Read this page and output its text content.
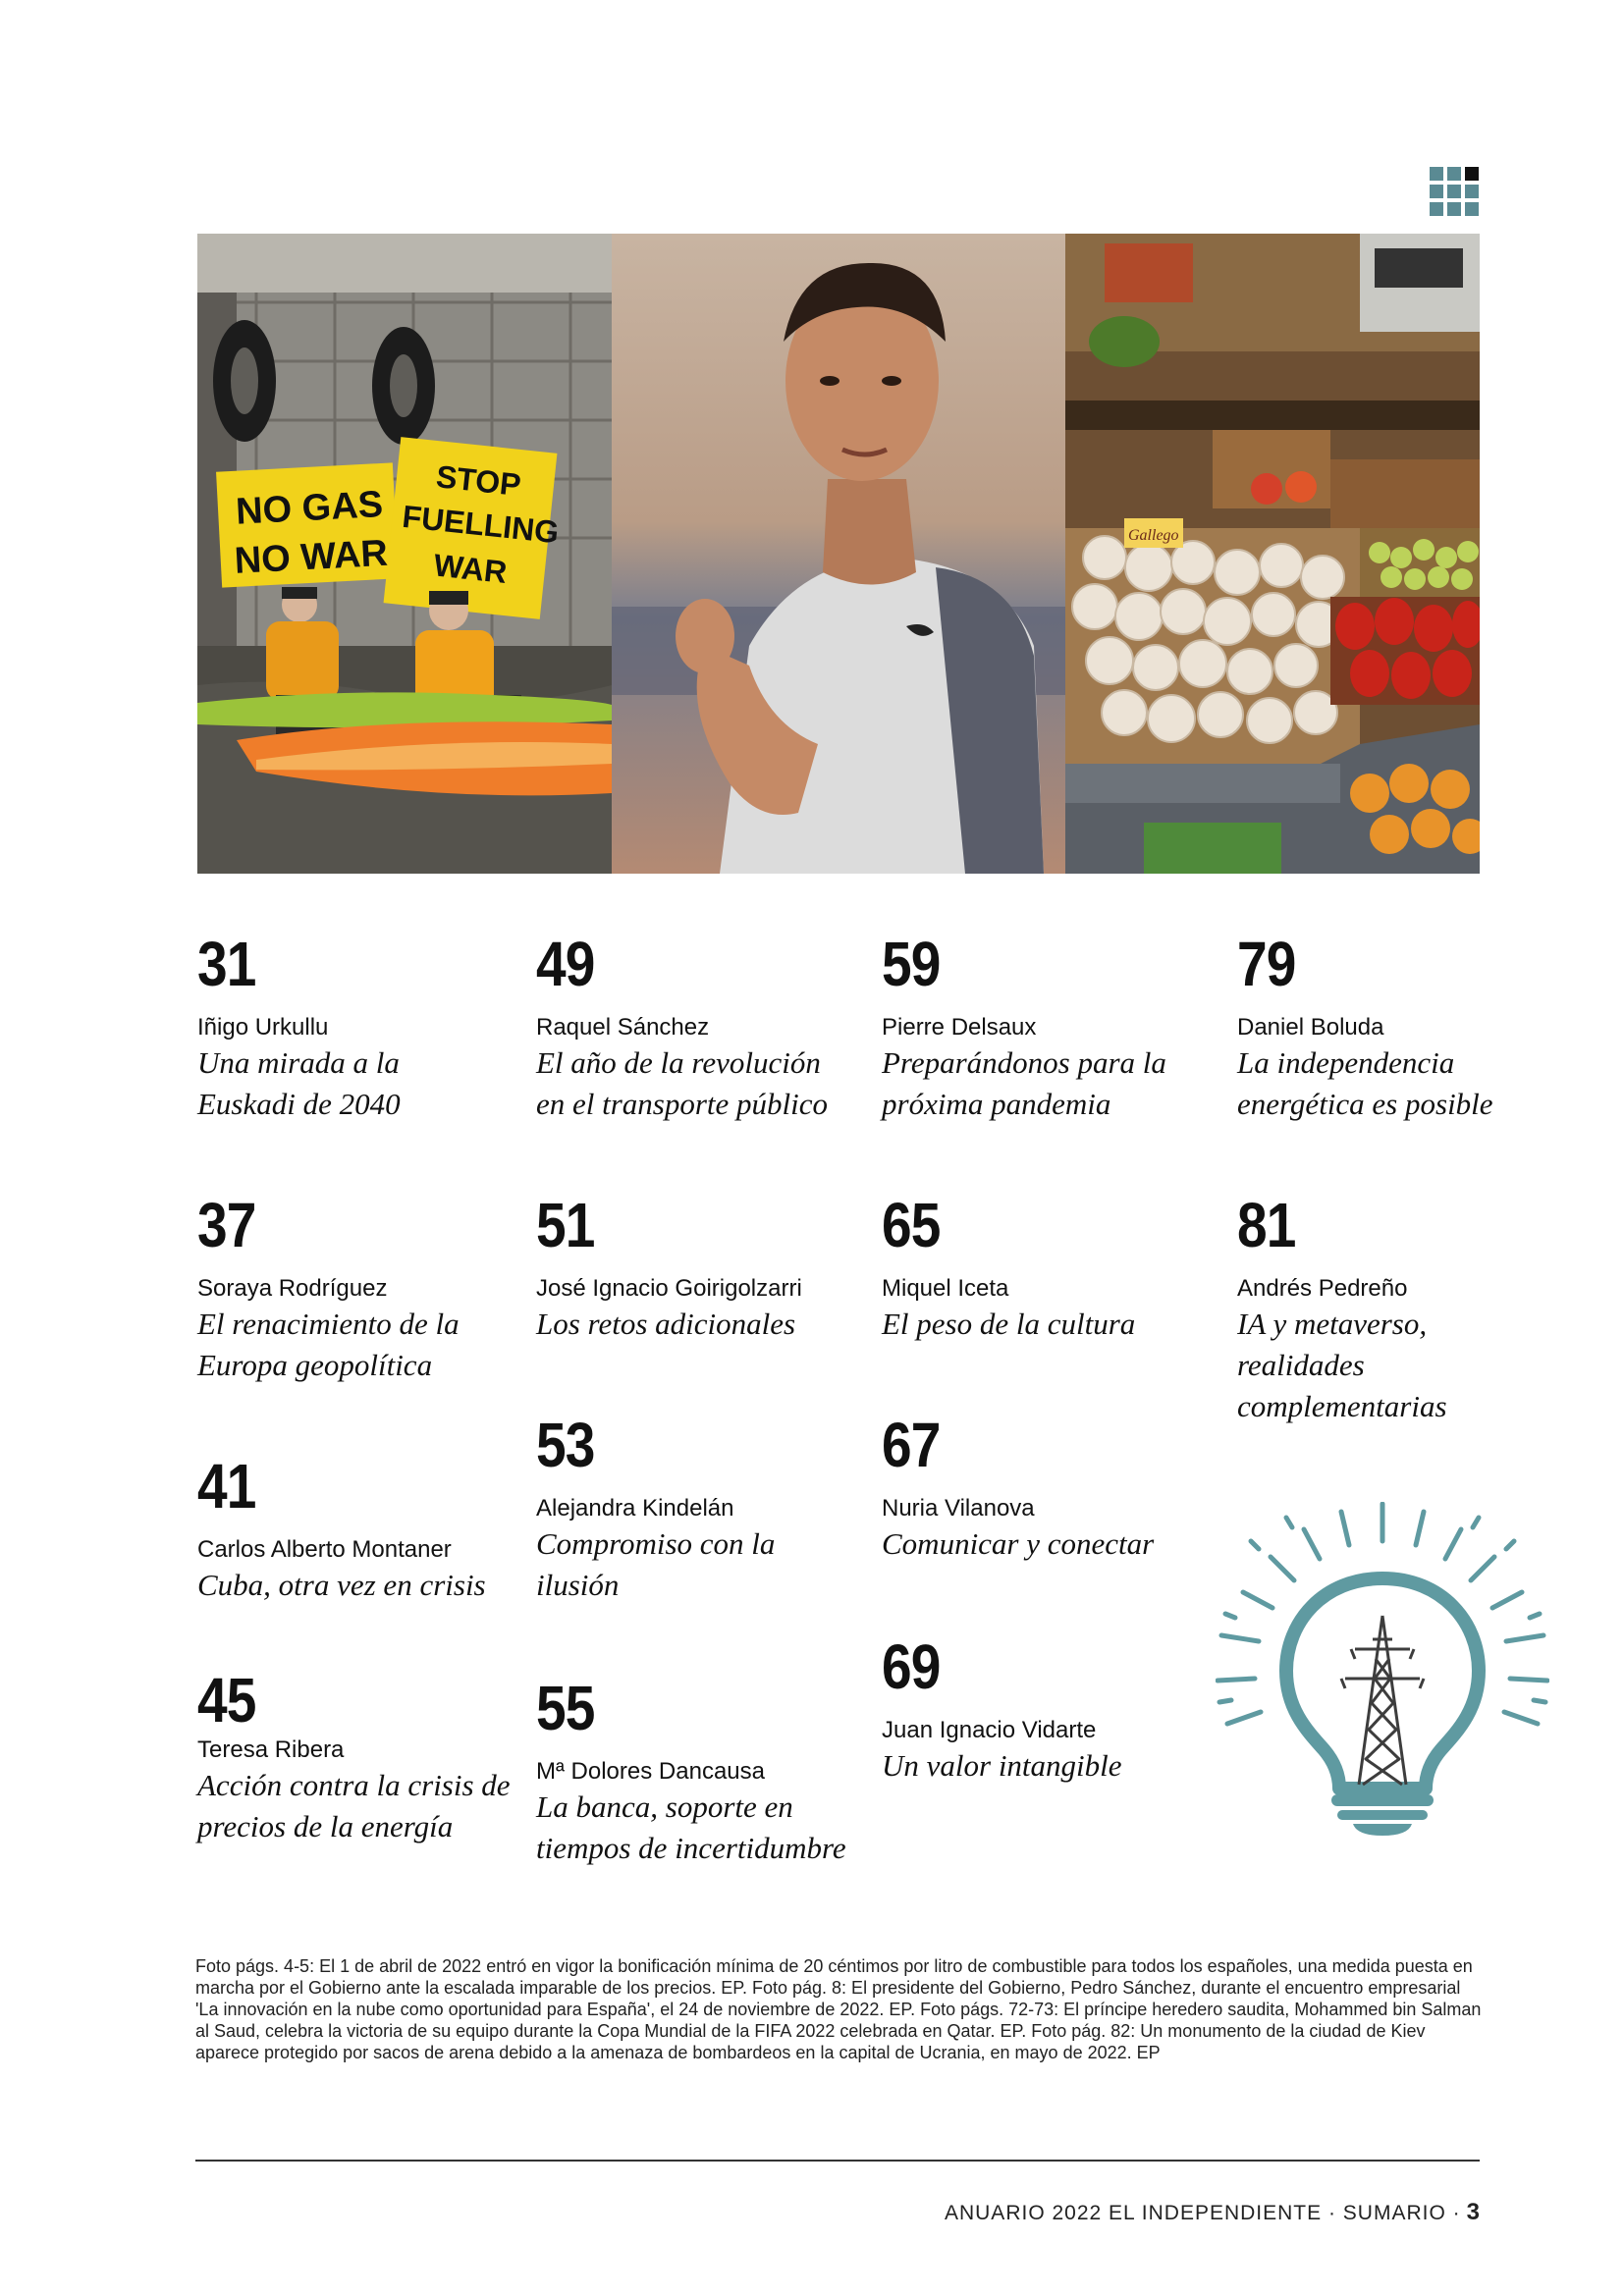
NO GAS
NO WAR
STOP
FUELLING
WAR
Gallego
31
Iñigo Urkullu
Una mirada a la
Euskadi de 2040
37
Soraya Rodríguez
El renacimiento de la
Europa geopolítica
41
Carlos Alberto Montaner
Cuba, otra vez en crisis
45
Teresa Ribera
Acción contra la crisis de
precios de la energía
49
Raquel Sánchez
El año de la revolución
en el transporte público
51
José Ignacio Goirigolzarri
Los retos adicionales
53
Alejandra Kindelán
Compromiso con la
ilusión
55
Mª Dolores Dancausa
La banca, soporte en
tiempos de incertidumbre
59
Pierre Delsaux
Preparándonos para la
próxima pandemia
65
Miquel Iceta
El peso de la cultura
67
Nuria Vilanova
Comunicar y conectar
69
Juan Ignacio Vidarte
Un valor intangible
79
Daniel Boluda
La independencia
energética es posible
81
Andrés Pedreño
IA y metaverso,
realidades
complementarias
Foto págs. 4-5: El 1 de abril de 2022 entró en vigor la bonificación mínima de 20 céntimos por litro de combustible para todos los españoles, una medida puesta en marcha por el Gobierno ante la escalada imparable de los precios. EP. Foto pág. 8: El presidente del Gobierno, Pedro Sánchez, durante el encuentro empresarial 'La innovación en la nube como oportunidad para España', el 24 de noviembre de 2022. EP. Foto págs. 72-73: El príncipe heredero saudita, Mohammed bin Salman al Saud, celebra la victoria de su equipo durante la Copa Mundial de la FIFA 2022 celebrada en Qatar. EP. Foto pág. 82: Un monumento de la ciudad de Kiev aparece protegido por sacos de arena debido a la amenaza de bombardeos en la capital de Ucrania, en mayo de 2022. EP
ANUARIO 2022 EL INDEPENDIENTE · SUMARIO · 3
